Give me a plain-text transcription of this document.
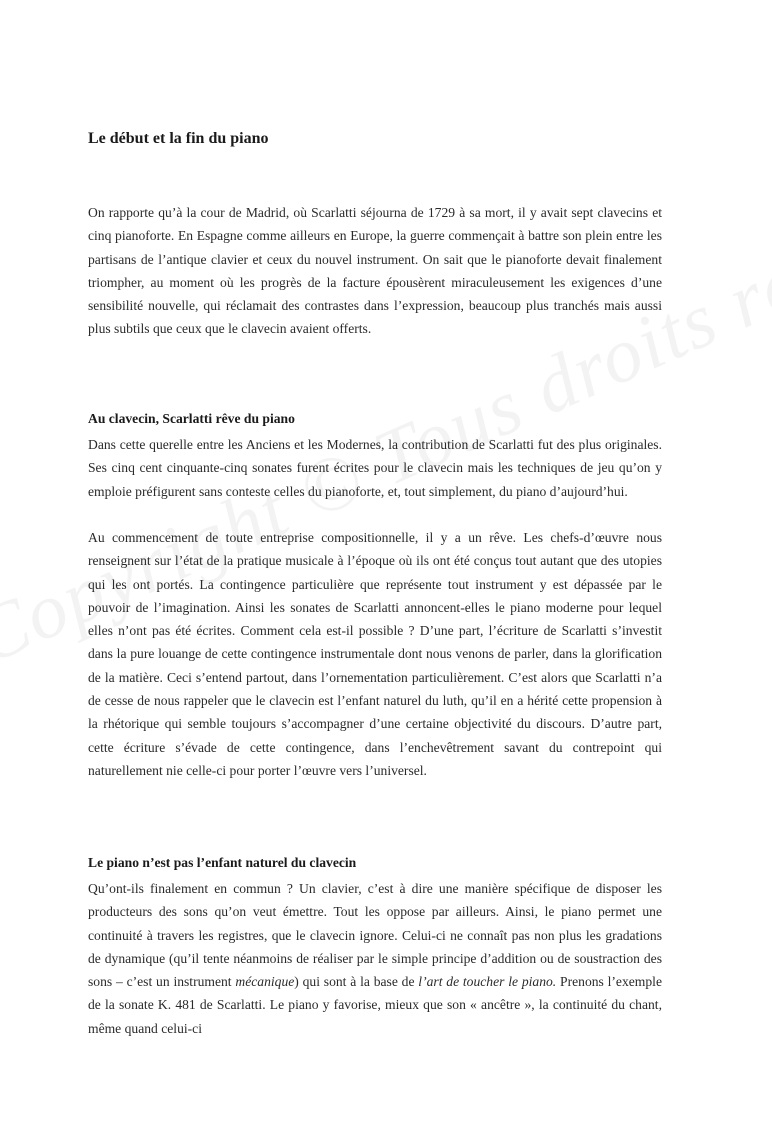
Le début et la fin du piano

On rapporte qu’à la cour de Madrid, où Scarlatti séjourna de 1729 à sa mort, il y avait sept clavecins et cinq pianoforte. En Espagne comme ailleurs en Europe, la guerre commençait à battre son plein entre les partisans de l’antique clavier et ceux du nouvel instrument. On sait que le pianoforte devait finalement triompher, au moment où les progrès de la facture épousèrent miraculeusement les exigences d’une sensibilité nouvelle, qui réclamait des contrastes dans l’expression, beaucoup plus tranchés mais aussi plus subtils que ceux que le clavecin avaient offerts.

Au clavecin, Scarlatti rêve du piano

Dans cette querelle entre les Anciens et les Modernes, la contribution de Scarlatti fut des plus originales. Ses cinq cent cinquante-cinq sonates furent écrites pour le clavecin mais les techniques de jeu qu’on y emploie préfigurent sans conteste celles du pianoforte, et, tout simplement, du piano d’aujourd’hui.

Au commencement de toute entreprise compositionnelle, il y a un rêve. Les chefs-d’œuvre nous renseignent sur l’état de la pratique musicale à l’époque où ils ont été conçus tout autant que des utopies qui les ont portés. La contingence particulière que représente tout instrument y est dépassée par le pouvoir de l’imagination. Ainsi les sonates de Scarlatti annoncent-elles le piano moderne pour lequel elles n’ont pas été écrites. Comment cela est-il possible ? D’une part, l’écriture de Scarlatti s’investit dans la pure louange de cette contingence instrumentale dont nous venons de parler, dans la glorification de la matière. Ceci s’entend partout, dans l’ornementation particulièrement. C’est alors que Scarlatti n’a de cesse de nous rappeler que le clavecin est l’enfant naturel du luth, qu’il en a hérité cette propension à la rhétorique qui semble toujours s’accompagner d’une certaine objectivité du discours. D’autre part, cette écriture s’évade de cette contingence, dans l’enchevêtrement savant du contrepoint qui naturellement nie celle-ci pour porter l’œuvre vers l’universel.

Le piano n’est pas l’enfant naturel du clavecin

Qu’ont-ils finalement en commun ? Un clavier, c’est à dire une manière spécifique de disposer les producteurs des sons qu’on veut émettre. Tout les oppose par ailleurs. Ainsi, le piano permet une continuité à travers les registres, que le clavecin ignore. Celui-ci ne connaît pas non plus les gradations de dynamique (qu’il tente néanmoins de réaliser par le simple principe d’addition ou de soustraction des sons – c’est un instrument mécanique) qui sont à la base de l’art de toucher le piano. Prenons l’exemple de la sonate K. 481 de Scarlatti. Le piano y favorise, mieux que son « ancêtre », la continuité du chant, même quand celui-ci
